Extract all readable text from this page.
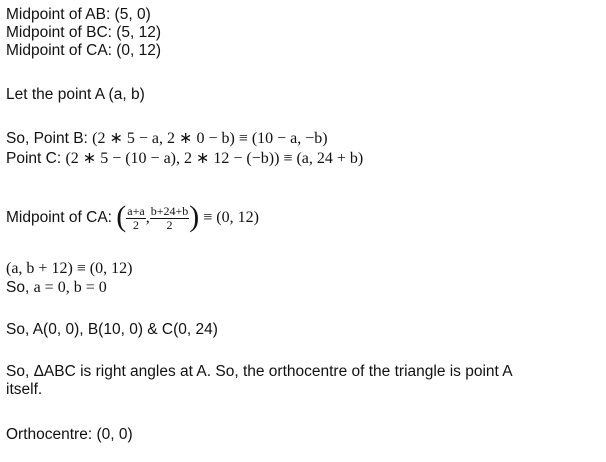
Midpoint of AB: (5, 0)
Midpoint of BC: (5, 12)
Midpoint of CA: (0, 12)
Let the point A (a, b)
So, Point B: (2 ∗ 5 − a, 2 ∗ 0 − b) ≡ (10 − a, −b)
Point C: (2 ∗ 5 − (10 − a), 2 ∗ 12 − (−b)) ≡ (a, 24 + b)
Midpoint of CA: ( $\frac{a+a}{2}$ , $\frac{b+24+b}{2}$ ) ≡ (0, 12)
(a, b + 12) ≡ (0, 12)
So, a = 0, b = 0
So, A(0, 0), B(10, 0) & C(0, 24)
So, ΔABC is right angles at A. So, the orthocentre of the triangle is point A
itself.
Orthocentre: (0, 0)
